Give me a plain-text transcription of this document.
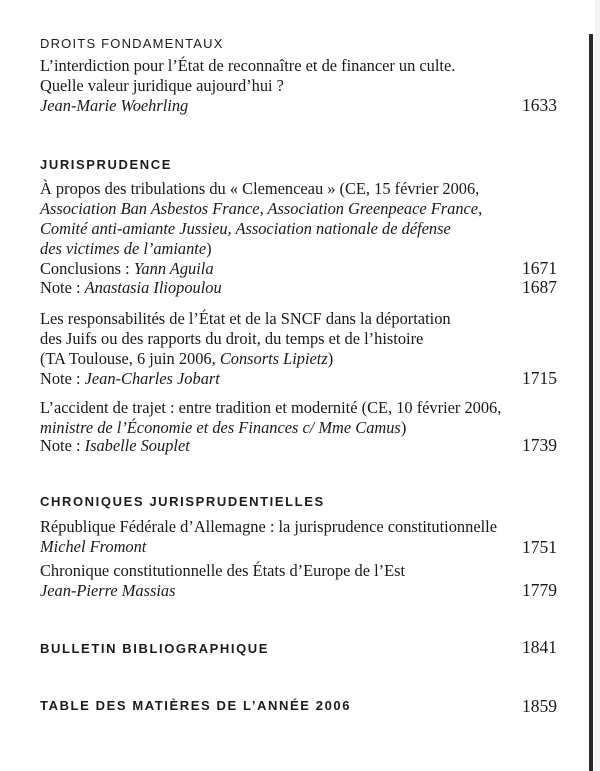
DROITS FONDAMENTAUX
L’interdiction pour l’État de reconnaître et de financer un culte.
Quelle valeur juridique aujourd’hui ?
Jean-Marie Woehrling	1633
JURISPRUDENCE
À propos des tribulations du « Clemenceau » (CE, 15 février 2006,
Association Ban Asbestos France, Association Greenpeace France,
Comité anti-amiante Jussieu, Association nationale de défense
des victimes de l’amiante)
Conclusions : Yann Aguila	1671
Note : Anastasia Iliopoulou	1687
Les responsabilités de l’État et de la SNCF dans la déportation
des Juifs ou des rapports du droit, du temps et de l’histoire
(TA Toulouse, 6 juin 2006, Consorts Lipietz)
Note : Jean-Charles Jobart	1715
L’accident de trajet : entre tradition et modernité (CE, 10 février 2006,
ministre de l’Économie et des Finances c/ Mme Camus)
Note : Isabelle Souplet	1739
CHRONIQUES JURISPRUDENTIELLES
République Fédérale d’Allemagne : la jurisprudence constitutionnelle
Michel Fromont	1751
Chronique constitutionnelle des États d’Europe de l’Est
Jean-Pierre Massias	1779
BULLETIN BIBLIOGRAPHIQUE	1841
TABLE DES MATIÈRES DE L’ANNÉE 2006	1859
